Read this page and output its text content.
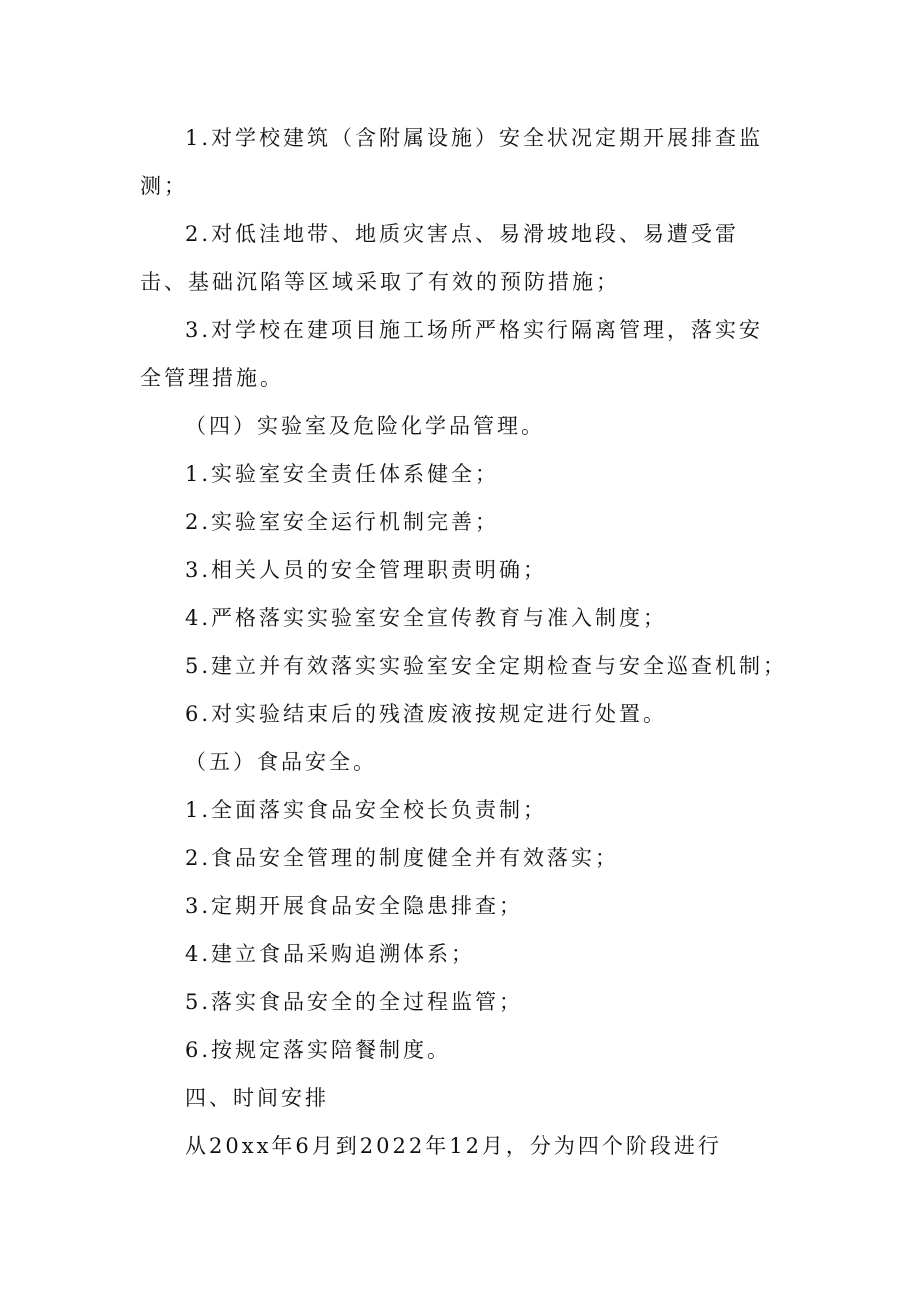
1.对学校建筑（含附属设施）安全状况定期开展排查监测；

2.对低洼地带、地质灾害点、易滑坡地段、易遭受雷击、基础沉陷等区域采取了有效的预防措施；

3.对学校在建项目施工场所严格实行隔离管理，落实安全管理措施。

（四）实验室及危险化学品管理。

1.实验室安全责任体系健全；

2.实验室安全运行机制完善；

3.相关人员的安全管理职责明确；

4.严格落实实验室安全宣传教育与准入制度；

5.建立并有效落实实验室安全定期检查与安全巡查机制；

6.对实验结束后的残渣废液按规定进行处置。

（五）食品安全。

1.全面落实食品安全校长负责制；

2.食品安全管理的制度健全并有效落实；

3.定期开展食品安全隐患排查；

4.建立食品采购追溯体系；

5.落实食品安全的全过程监管；

6.按规定落实陪餐制度。

四、时间安排

从20xx年6月到2022年12月，分为四个阶段进行
